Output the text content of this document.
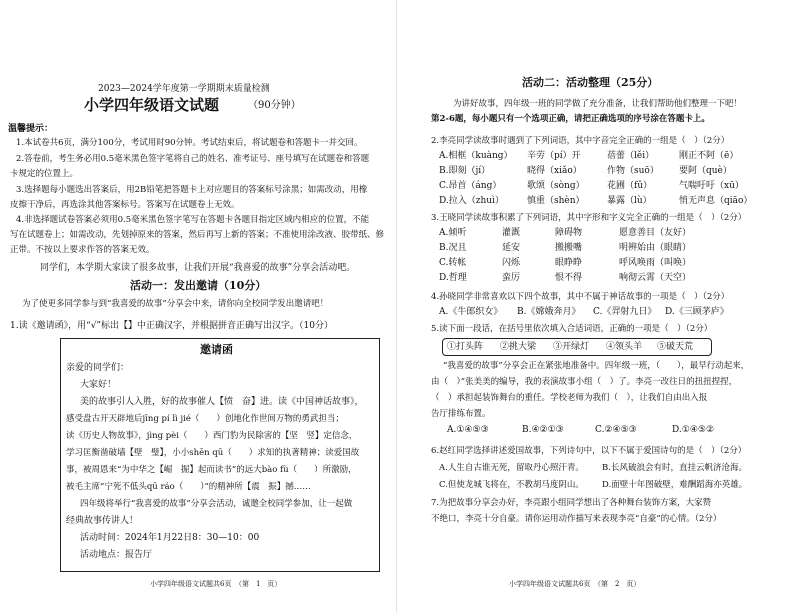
2023—2024学年度第一学期期末质量检测
小学四年级语文试题	（90分钟）
温馨提示：
1.本试卷共6页，满分100分，考试用时90分钟。考试结束后，将试题卷和答题卡一并交回。
2.答卷前，考生务必用0.5毫米黑色签字笔将自己的姓名、准考证号、座号填写在试题卷和答题
卡规定的位置上。
3.选择题每小题选出答案后，用2B铅笔把答题卡上对应题目的答案标号涂黑；如需改动，用橡
皮擦干净后，再选涂其他答案标号。答案写在试题卷上无效。
4.非选择题试卷答案必须用0.5毫米黑色签字笔写在答题卡各题目指定区域内相应的位置，不能
写在试题卷上；如需改动，先划掉原来的答案，然后再写上新的答案；不准使用涂改液、胶带纸、修
正带。不按以上要求作答的答案无效。
同学们，本学期大家读了很多故事，让我们开展“我喜爱的故事”分享会活动吧。
活动一：发出邀请（10分）
为了使更多同学参与到“我喜爱的故事”分享会中来，请你向全校同学发出邀请吧！
1.读《邀请函》，用“√”标出【】中正确汉字，并根据拼音正确写出汉字。（10分）
邀请函
亲爱的同学们：
大家好！
美的故事引人入胜，好的故事催人【愤　奋】进。读《中国神话故事》，
感受盘古开天辟地后jīng pí lì jié（　　）创地化作世间万物的勇武担当；
读《历史人物故事》，jìng pèi（　　）西门豹为民除害的【坚　竖】定信念，
学习匡衡凿破墙【壁　璧】，小小shēn qū（　　）求知的执著精神；读爱国故
事，被周恩来“为中华之【崛　掘】起而读书”的远大bào fù（　　）所激励，
被毛主席“宁死不低头qū ráo（　　）”的精神所【震　振】撼……
四年级将举行“我喜爱的故事”分享会活动，诚邀全校同学参加，让一起做
经典故事传讲人！
活动时间：2024年1月22日8：30—10：00
活动地点：报告厅
小学四年级语文试题共6页　（第　1　页）
活动二：活动整理（25分）
为讲好故事，四年级一班的同学做了充分准备，让我们帮助他们整理一下吧！
第2-6题，每小题只有一个选项正确，请把正确选项的序号涂在答题卡上。
2.李亮同学读故事时遇到了下列词语，其中字音完全正确的一组是（　）（2分）
A.相框（kuàng） 辛劳（pí）开	蓓蕾（lěi）	刚正不阿（ē）
B.即刻（jí）	晓得（xiǎo）	作物（suō） 要阿（què）
C.昂首（áng）	歌颂（sòng） 花圃（fǔ）	气喘吁吁（xū）
D.拉入（zhuì）	慎重（shèn） 暴露（lù）	悄无声息（qiāo）
3.王晓同学读故事积累了下列词语，其中字形和字义完全正确的一组是（　）（2分）
A.倾听	灌溉	障碍物	愿意善目（友好）
B.况且	延安	搬搬嘴	明辨始由（眼睛）
C.转帐	闪烁	眼睁睁	呼风唤雨（叫唤）
D.哲理	蛮厉	恨不得	响彻云霄（天空）
4.孙晓同学非常喜欢以下四个故事，其中不属于神话故事的一项是（　）（2分）
A.《牛郎织女》 B.《嫦娥奔月》 C.《羿射九日》 D.《三顾茅庐》
5.读下面一段话，在括号里依次填入合适词语，正确的一项是（　）（2分）
①打头阵 ②挑大梁 ③开绿灯 ④领头羊 ⑤破天荒
“我喜爱的故事”分享会正在紧张地准备中。四年级一班，（　　），最早行动起来，
由（　）”张美美的编导，我的表演故事小组（　）了。李亮一改往日的扭扭捏捏，
（　）承担起装饰舞台的重任。学校老师为我们（　），让我们自由出入报
告厅排练布置。
A.①④⑤③	B.④②①③	C.②④⑤③	D.①④⑤②
6.赵红同学选择讲述爱国故事，下列诗句中，以下不属于爱国诗句的是（　）（2分）
A.人生自古谁无死，留取丹心照汗青。 B.长风破浪会有时，直挂云帆济沧海。
C.但使龙城飞将在，不教胡马度阴山。 D.面壁十年图破壁，难酬蹈海亦英雄。
7.为把故事分享会办好，李亮跟小组同学想出了各种舞台装饰方案，大家赞
不绝口，李亮十分自豪。请你运用动作描写来表现李亮“自豪”的心情。（2分）
小学四年级语文试题共6页　（第　2　页）
